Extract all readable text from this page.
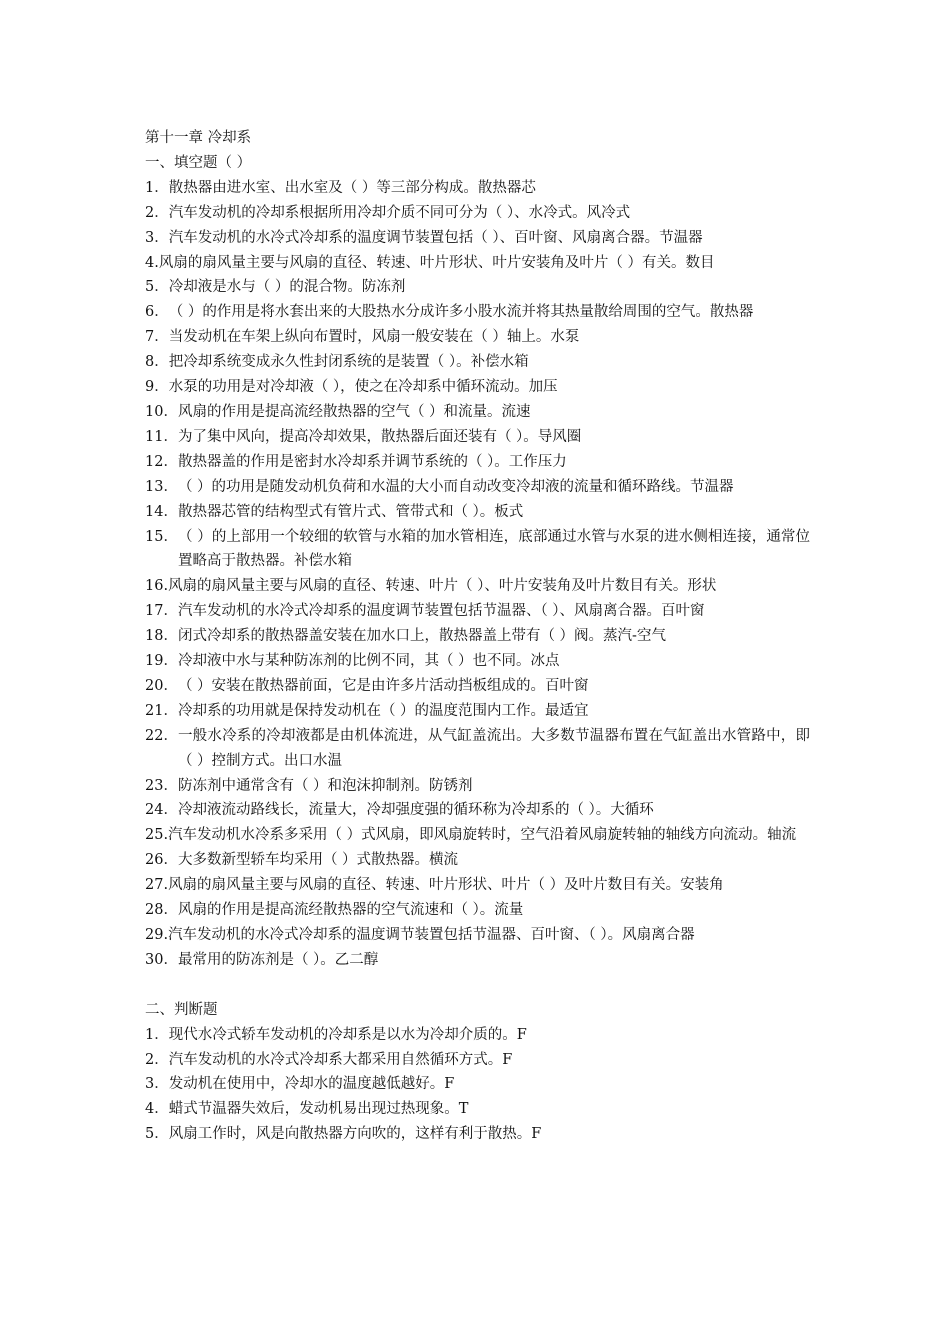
第十一章 冷却系
一、填空题（ ）
1． 散热器由进水室、出水室及（ ）等三部分构成。散热器芯
2． 汽车发动机的冷却系根据所用冷却介质不同可分为（ ）、水冷式。风冷式
3． 汽车发动机的水冷式冷却系的温度调节装置包括（ ）、百叶窗、风扇离合器。节温器
4. 风扇的扇风量主要与风扇的直径、转速、叶片形状、叶片安装角及叶片（ ）有关。数目
5． 冷却液是水与（ ）的混合物。防冻剂
6． （ ）的作用是将水套出来的大股热水分成许多小股水流并将其热量散给周围的空气。散热器
7． 当发动机在车架上纵向布置时，风扇一般安装在（ ）轴上。水泵
8． 把冷却系统变成永久性封闭系统的是装置（ ）。补偿水箱
9． 水泵的功用是对冷却液（ ），使之在冷却系中循环流动。加压
10． 风扇的作用是提高流经散热器的空气（ ）和流量。流速
11． 为了集中风向，提高冷却效果，散热器后面还装有（ ）。导风圈
12． 散热器盖的作用是密封水冷却系并调节系统的（ ）。工作压力
13． （ ）的功用是随发动机负荷和水温的大小而自动改变冷却液的流量和循环路线。节温器
14． 散热器芯管的结构型式有管片式、管带式和（ ）。板式
15． （ ）的上部用一个较细的软管与水箱的加水管相连，底部通过水管与水泵的进水侧相连接，通常位置略高于散热器。补偿水箱
16. 风扇的扇风量主要与风扇的直径、转速、叶片（ ）、叶片安装角及叶片数目有关。形状
17． 汽车发动机的水冷式冷却系的温度调节装置包括节温器、（ ）、风扇离合器。百叶窗
18． 闭式冷却系的散热器盖安装在加水口上，散热器盖上带有（ ）阀。蒸汽-空气
19． 冷却液中水与某种防冻剂的比例不同，其（ ）也不同。冰点
20． （ ）安装在散热器前面，它是由许多片活动挡板组成的。百叶窗
21． 冷却系的功用就是保持发动机在（ ）的温度范围内工作。最适宜
22． 一般水冷系的冷却液都是由机体流进，从气缸盖流出。大多数节温器布置在气缸盖出水管路中，即（ ）控制方式。出口水温
23． 防冻剂中通常含有（ ）和泡沫抑制剂。防锈剂
24． 冷却液流动路线长，流量大，冷却强度强的循环称为冷却系的（ ）。大循环
25. 汽车发动机水冷系多采用（ ）式风扇，即风扇旋转时，空气沿着风扇旋转轴的轴线方向流动。轴流
26． 大多数新型轿车均采用（ ）式散热器。横流
27. 风扇的扇风量主要与风扇的直径、转速、叶片形状、叶片（ ）及叶片数目有关。安装角
28． 风扇的作用是提高流经散热器的空气流速和（ ）。流量
29. 汽车发动机的水冷式冷却系的温度调节装置包括节温器、百叶窗、（ ）。风扇离合器
30． 最常用的防冻剂是（ ）。乙二醇
二、判断题
1． 现代水冷式轿车发动机的冷却系是以水为冷却介质的。F
2． 汽车发动机的水冷式冷却系大都采用自然循环方式。F
3． 发动机在使用中，冷却水的温度越低越好。F
4． 蜡式节温器失效后，发动机易出现过热现象。T
5． 风扇工作时，风是向散热器方向吹的，这样有利于散热。F
